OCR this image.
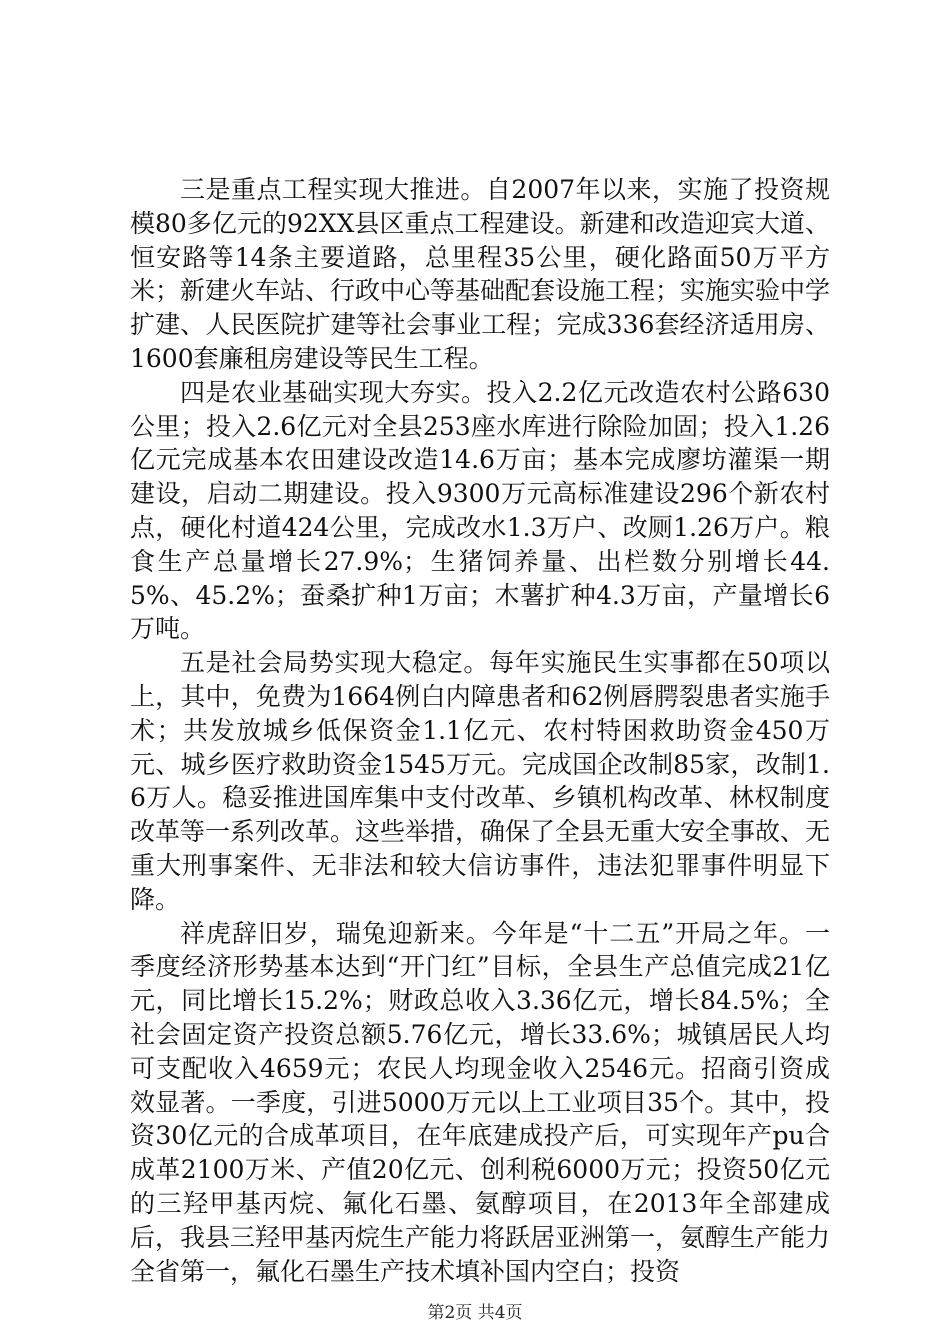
三是重点工程实现大推进。自2007年以来，实施了投资规模80多亿元的92XX县区重点工程建设。新建和改造迎宾大道、恒安路等14条主要道路，总里程35公里，硬化路面50万平方米；新建火车站、行政中心等基础配套设施工程；实施实验中学扩建、人民医院扩建等社会事业工程；完成336套经济适用房、1600套廉租房建设等民生工程。

四是农业基础实现大夯实。投入2.2亿元改造农村公路630公里；投入2.6亿元对全县253座水库进行除险加固；投入1.26亿元完成基本农田建设改造14.6万亩；基本完成廖坊灌渠一期建设，启动二期建设。投入9300万元高标准建设296个新农村点，硬化村道424公里，完成改水1.3万户、改厕1.26万户。粮食生产总量增长27.9%；生猪饲养量、出栏数分别增长44.5%、45.2%；蚕桑扩种1万亩；木薯扩种4.3万亩，产量增长6万吨。

五是社会局势实现大稳定。每年实施民生实事都在50项以上，其中，免费为1664例白内障患者和62例唇腭裂患者实施手术；共发放城乡低保资金1.1亿元、农村特困救助资金450万元、城乡医疗救助资金1545万元。完成国企改制85家，改制1.6万人。稳妥推进国库集中支付改革、乡镇机构改革、林权制度改革等一系列改革。这些举措，确保了全县无重大安全事故、无重大刑事案件、无非法和较大信访事件，违法犯罪事件明显下降。

祥虎辞旧岁，瑞兔迎新来。今年是“十二五”开局之年。一季度经济形势基本达到“开门红”目标，全县生产总值完成21亿元，同比增长15.2%；财政总收入3.36亿元，增长84.5%；全社会固定资产投资总额5.76亿元，增长33.6%；城镇居民人均可支配收入4659元；农民人均现金收入2546元。招商引资成效显著。一季度，引进5000万元以上工业项目35个。其中，投资30亿元的合成革项目，在年底建成投产后，可实现年产pu合成革2100万米、产值20亿元、创利税6000万元；投资50亿元的三羟甲基丙烷、氟化石墨、氨醇项目，在2013年全部建成后，我县三羟甲基丙烷生产能力将跃居亚洲第一，氨醇生产能力全省第一，氟化石墨生产技术填补国内空白；投资

第2页 共4页
